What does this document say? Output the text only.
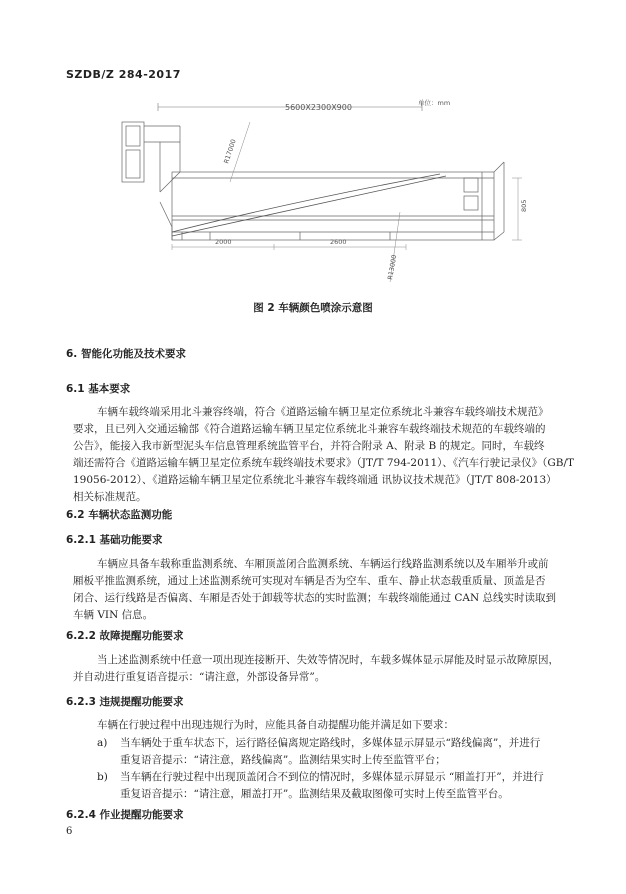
SZDB/Z 284-2017
5600X2300X900	单位：mm
R17000
R13000
805
2000	2600
图 2 车辆颜色喷涂示意图
6. 智能化功能及技术要求
6.1 基本要求

车辆车载终端采用北斗兼容终端，符合《道路运输车辆卫星定位系统北斗兼容车载终端技术规范》
要求，且已列入交通运输部《符合道路运输车辆卫星定位系统北斗兼容车载终端技术规范的车载终端的
公告》，能接入我市新型泥头车信息管理系统监管平台，并符合附录 A、附录 B 的规定。同时，车载终
端还需符合《道路运输车辆卫星定位系统车载终端技术要求》（JT/T 794-2011）、《汽车行驶记录仪》（GB/T
19056-2012）、《道路运输车辆卫星定位系统北斗兼容车载终端通 讯协议技术规范》（JT/T 808-2013）
相关标准规范。

6.2 车辆状态监测功能
6.2.1 基础功能要求

车辆应具备车载称重监测系统、车厢顶盖闭合监测系统、车辆运行线路监测系统以及车厢举升或前
厢板平推监测系统，通过上述监测系统可实现对车辆是否为空车、重车、静止状态载重质量、顶盖是否
闭合、运行线路是否偏离、车厢是否处于卸载等状态的实时监测；车载终端能通过 CAN 总线实时读取到
车辆 VIN 信息。

6.2.2 故障提醒功能要求

当上述监测系统中任意一项出现连接断开、失效等情况时，车载多媒体显示屏能及时显示故障原因，
并自动进行重复语音提示：“请注意，外部设备异常”。

6.2.3 违规提醒功能要求

车辆在行驶过程中出现违规行为时，应能具备自动提醒功能并满足如下要求：

a)	当车辆处于重车状态下，运行路径偏离规定路线时，多媒体显示屏显示“路线偏离”，并进行
重复语音提示：“请注意，路线偏离”。监测结果实时上传至监管平台；
b)	当车辆在行驶过程中出现顶盖闭合不到位的情况时，多媒体显示屏显示 “厢盖打开”，并进行
重复语音提示：“请注意，厢盖打开”。监测结果及截取图像可实时上传至监管平台。
6.2.4 作业提醒功能要求
6
